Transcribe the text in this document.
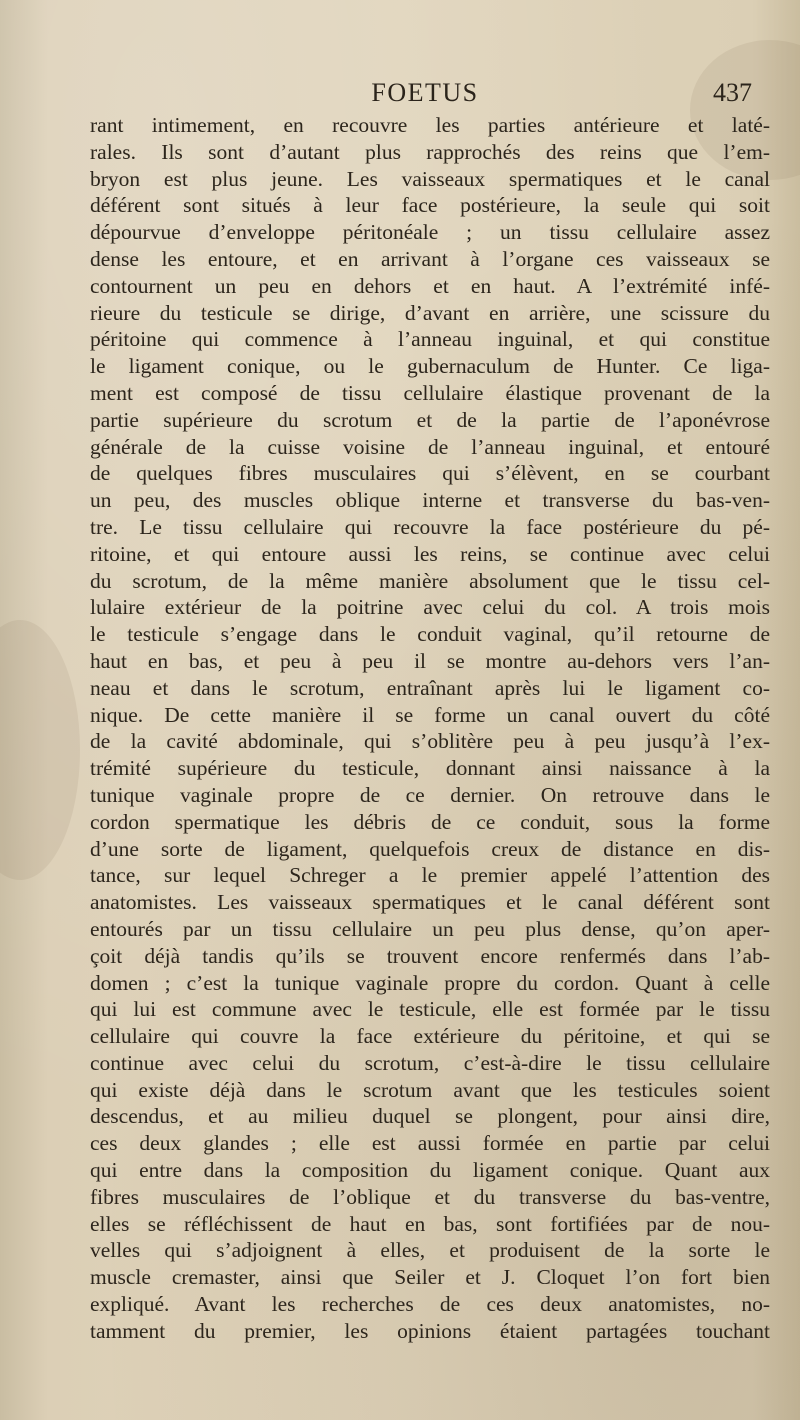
FOETUS	437
rant intimement, en recouvre les parties antérieure et laté-
rales. Ils sont d’autant plus rapprochés des reins que l’em-
bryon est plus jeune. Les vaisseaux spermatiques et le canal
déférent sont situés à leur face postérieure, la seule qui soit
dépourvue d’enveloppe péritonéale ; un tissu cellulaire assez
dense les entoure, et en arrivant à l’organe ces vaisseaux se
contournent un peu en dehors et en haut. A l’extrémité infé-
rieure du testicule se dirige, d’avant en arrière, une scissure du
péritoine qui commence à l’anneau inguinal, et qui constitue
le ligament conique, ou le gubernaculum de Hunter. Ce liga-
ment est composé de tissu cellulaire élastique provenant de la
partie supérieure du scrotum et de la partie de l’aponévrose
générale de la cuisse voisine de l’anneau inguinal, et entouré
de quelques fibres musculaires qui s’élèvent, en se courbant
un peu, des muscles oblique interne et transverse du bas-ven-
tre. Le tissu cellulaire qui recouvre la face postérieure du pé-
ritoine, et qui entoure aussi les reins, se continue avec celui
du scrotum, de la même manière absolument que le tissu cel-
lulaire extérieur de la poitrine avec celui du col. A trois mois
le testicule s’engage dans le conduit vaginal, qu’il retourne de
haut en bas, et peu à peu il se montre au-dehors vers l’an-
neau et dans le scrotum, entraînant après lui le ligament co-
nique. De cette manière il se forme un canal ouvert du côté
de la cavité abdominale, qui s’oblitère peu à peu jusqu’à l’ex-
trémité supérieure du testicule, donnant ainsi naissance à la
tunique vaginale propre de ce dernier. On retrouve dans le
cordon spermatique les débris de ce conduit, sous la forme
d’une sorte de ligament, quelquefois creux de distance en dis-
tance, sur lequel Schreger a le premier appelé l’attention des
anatomistes. Les vaisseaux spermatiques et le canal déférent sont
entourés par un tissu cellulaire un peu plus dense, qu’on aper-
çoit déjà tandis qu’ils se trouvent encore renfermés dans l’ab-
domen ; c’est la tunique vaginale propre du cordon. Quant à celle
qui lui est commune avec le testicule, elle est formée par le tissu
cellulaire qui couvre la face extérieure du péritoine, et qui se
continue avec celui du scrotum, c’est-à-dire le tissu cellulaire
qui existe déjà dans le scrotum avant que les testicules soient
descendus, et au milieu duquel se plongent, pour ainsi dire,
ces deux glandes ; elle est aussi formée en partie par celui
qui entre dans la composition du ligament conique. Quant aux
fibres musculaires de l’oblique et du transverse du bas-ventre,
elles se réfléchissent de haut en bas, sont fortifiées par de nou-
velles qui s’adjoignent à elles, et produisent de la sorte le
muscle cremaster, ainsi que Seiler et J. Cloquet l’on fort bien
expliqué. Avant les recherches de ces deux anatomistes, no-
tamment du premier, les opinions étaient partagées touchant
